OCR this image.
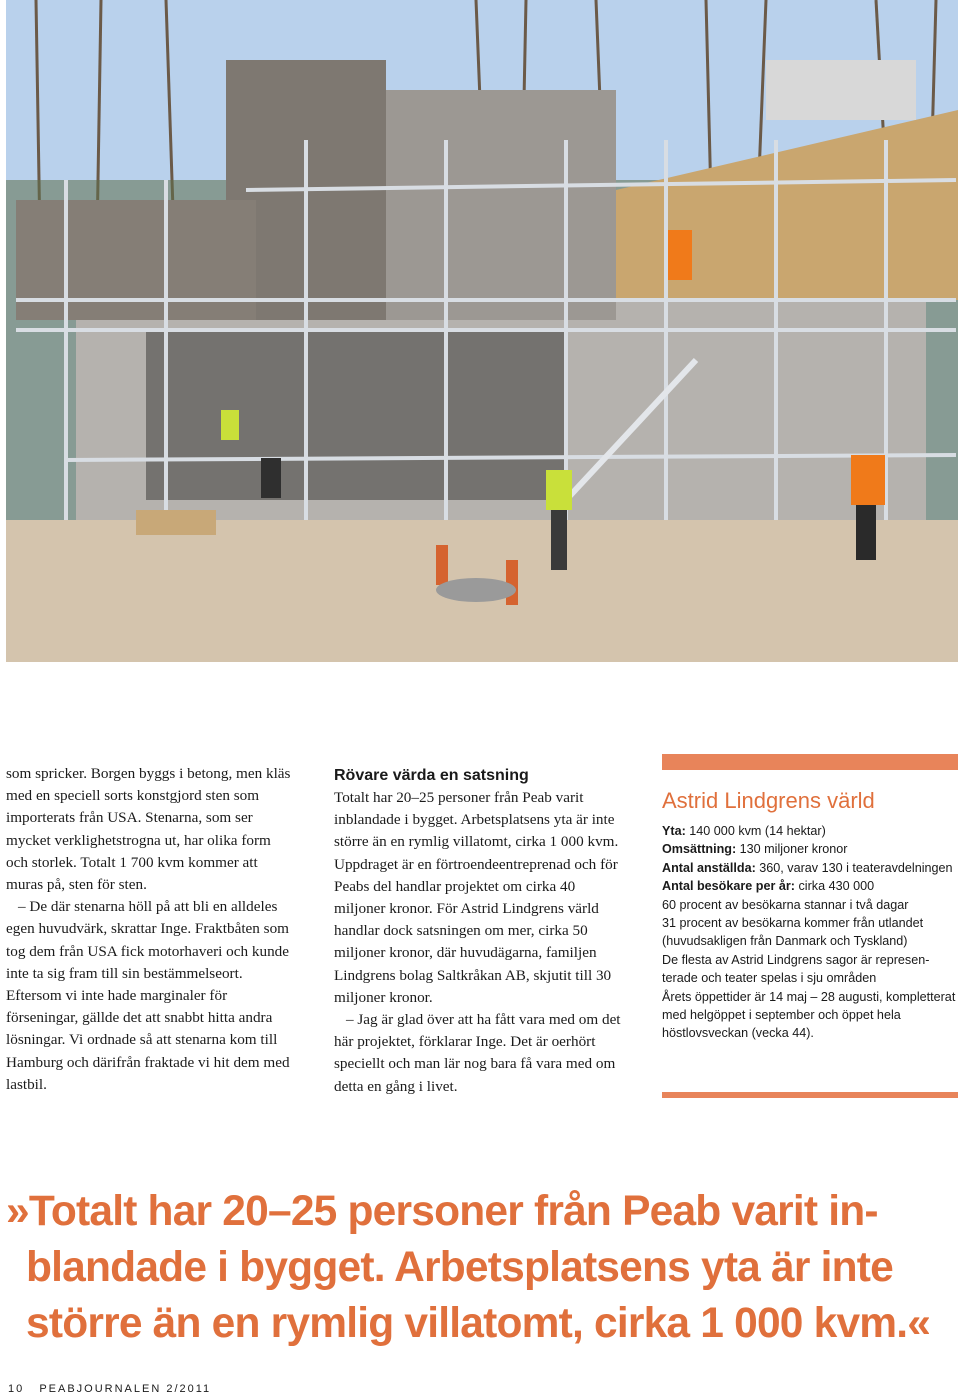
som spricker. Borgen byggs i betong, men kläs med en speciell sorts konstgjord sten som importerats från USA. Stenarna, som ser mycket verklighetstrogna ut, har olika form och storlek. Totalt 1 700 kvm kommer att muras på, sten för sten.

– De där stenarna höll på att bli en alldeles egen huvudvärk, skrattar Inge. Fraktbåten som tog dem från USA fick motorhaveri och kunde inte ta sig fram till sin bestämmelseort. Eftersom vi inte hade marginaler för förseningar, gällde det att snabbt hitta andra lösningar. Vi ordnade så att stenarna kom till Hamburg och därifrån fraktade vi hit dem med lastbil.

Rövare värda en satsning

Totalt har 20–25 personer från Peab varit inblandade i bygget. Arbetsplatsens yta är inte större än en rymlig villatomt, cirka 1 000 kvm. Uppdraget är en förtroendeentreprenad och för Peabs del handlar projektet om cirka 40 miljoner kronor. För Astrid Lindgrens värld handlar dock satsningen om mer, cirka 50 miljoner kronor, där huvudägarna, familjen Lindgrens bolag Saltkråkan AB, skjutit till 30 miljoner kronor.

– Jag är glad över att ha fått vara med om det här projektet, förklarar Inge. Det är oerhört speciellt och man lär nog bara få vara med om detta en gång i livet.

Astrid Lindgrens värld
Yta: 140 000 kvm (14 hektar)
Omsättning: 130 miljoner kronor
Antal anställda: 360, varav 130 i teateravdelningen
Antal besökare per år: cirka 430 000
60 procent av besökarna stannar i två dagar
31 procent av besökarna kommer från utlandet (huvudsakligen från Danmark och Tyskland)
De flesta av Astrid Lindgrens sagor är representerade och teater spelas i sju områden
Årets öppettider är 14 maj – 28 augusti, kompletterat med helgöppet i september och öppet hela höstlovsveckan (vecka 44).
»Totalt har 20–25 personer från Peab varit in-
blandade i bygget. Arbetsplatsens yta är inte
större än en rymlig villatomt, cirka 1 000 kvm.«
10 PEABJOURNALEN 2/2011
